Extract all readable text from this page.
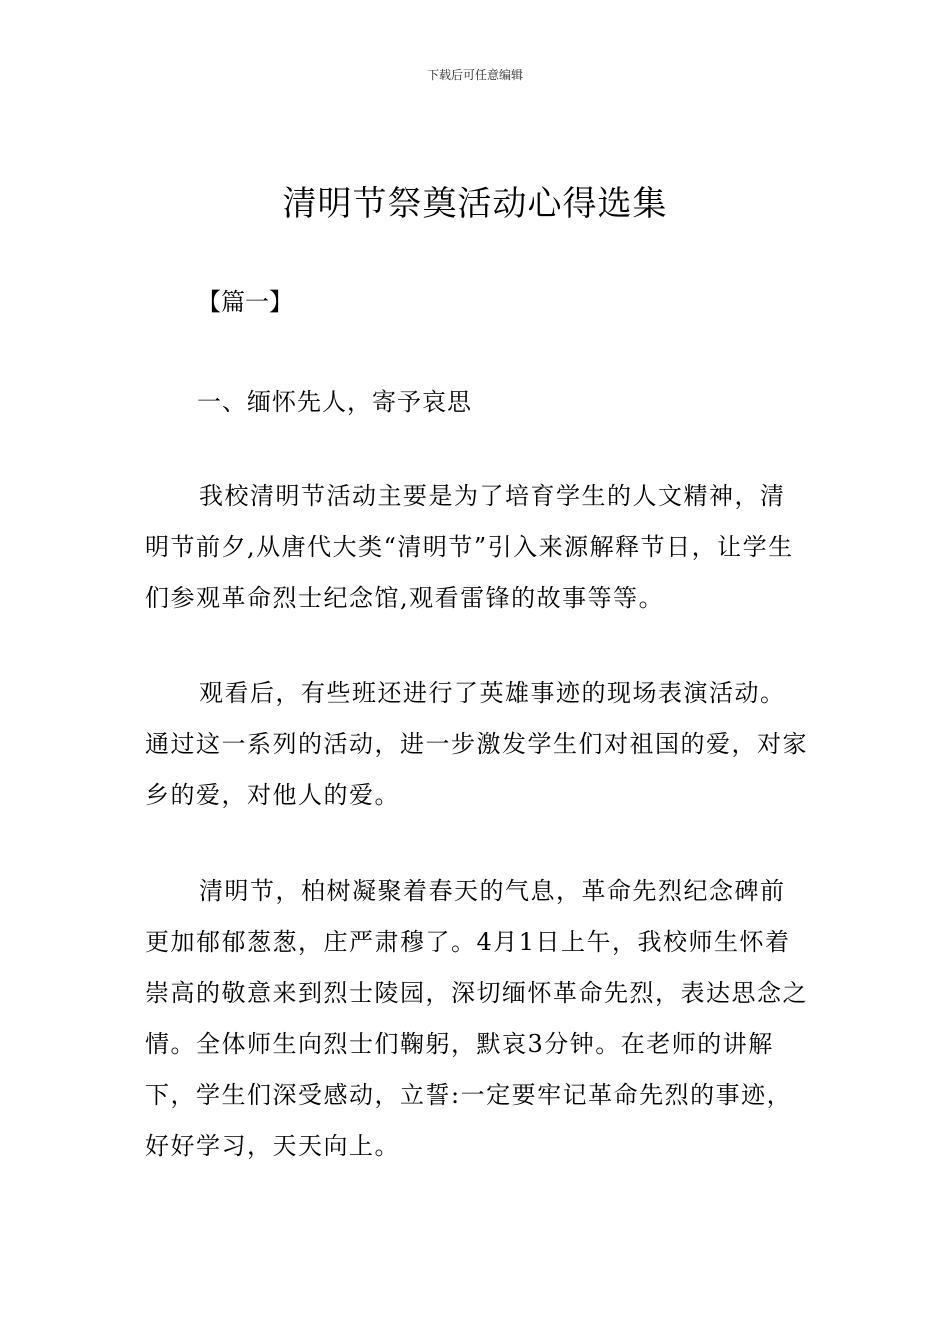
下载后可任意编辑
清明节祭奠活动心得选集
【篇一】
一、缅怀先人，寄予哀思

我校清明节活动主要是为了培育学生的人文精神，清明节前夕,从唐代大类“清明节”引入来源解释节日，让学生们参观革命烈士纪念馆,观看雷锋的故事等等。

观看后，有些班还进行了英雄事迹的现场表演活动。通过这一系列的活动，进一步激发学生们对祖国的爱，对家乡的爱，对他人的爱。

清明节，柏树凝聚着春天的气息，革命先烈纪念碑前更加郁郁葱葱，庄严肃穆了。4月1日上午，我校师生怀着崇高的敬意来到烈士陵园，深切缅怀革命先烈，表达思念之情。全体师生向烈士们鞠躬，默哀3分钟。在老师的讲解下，学生们深受感动，立誓:一定要牢记革命先烈的事迹，好好学习，天天向上。
